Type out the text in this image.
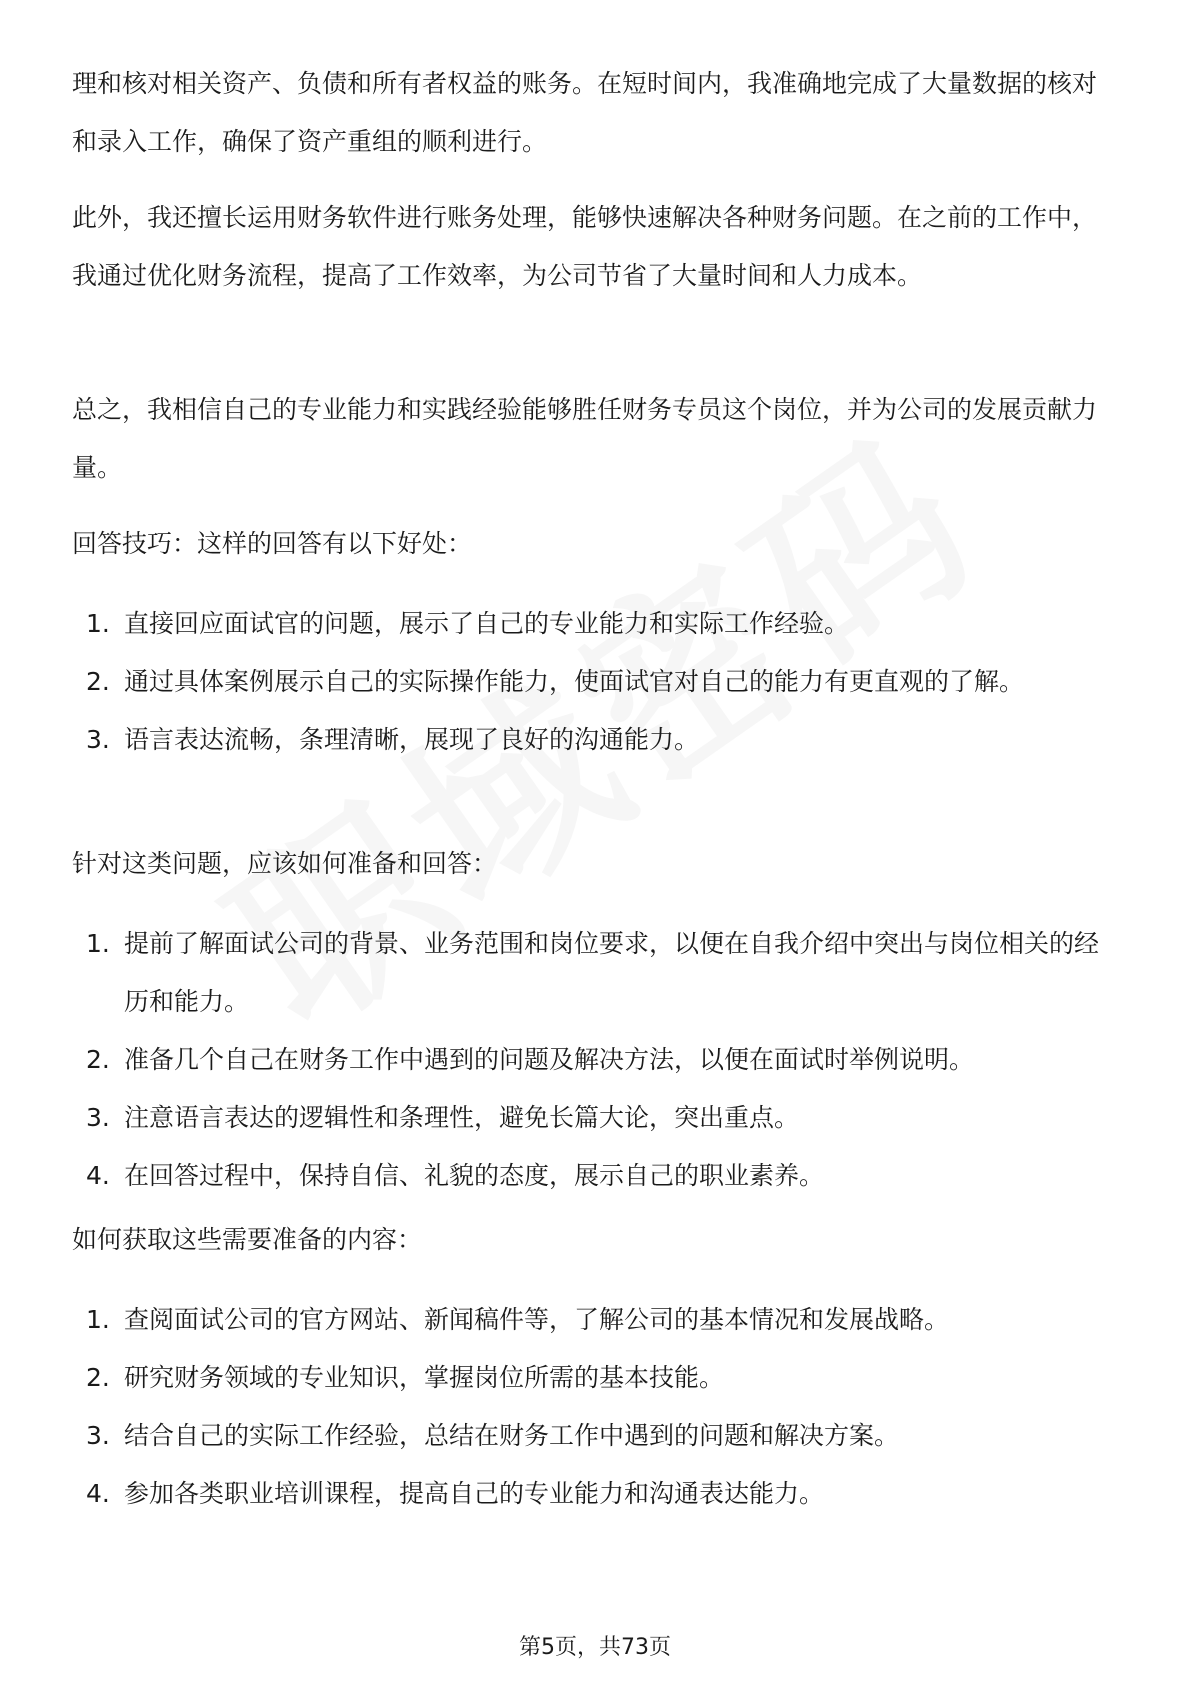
理和核对相关资产、负债和所有者权益的账务。在短时间内，我准确地完成了大量数据的核对和录入工作，确保了资产重组的顺利进行。

此外，我还擅长运用财务软件进行账务处理，能够快速解决各种财务问题。在之前的工作中，我通过优化财务流程，提高了工作效率，为公司节省了大量时间和人力成本。

总之，我相信自己的专业能力和实践经验能够胜任财务专员这个岗位，并为公司的发展贡献力量。

回答技巧：这样的回答有以下好处：

1. 直接回应面试官的问题，展示了自己的专业能力和实际工作经验。
2. 通过具体案例展示自己的实际操作能力，使面试官对自己的能力有更直观的了解。
3. 语言表达流畅，条理清晰，展现了良好的沟通能力。

针对这类问题，应该如何准备和回答：

1. 提前了解面试公司的背景、业务范围和岗位要求，以便在自我介绍中突出与岗位相关的经历和能力。
2. 准备几个自己在财务工作中遇到的问题及解决方法，以便在面试时举例说明。
3. 注意语言表达的逻辑性和条理性，避免长篇大论，突出重点。
4. 在回答过程中，保持自信、礼貌的态度，展示自己的职业素养。

如何获取这些需要准备的内容：

1. 查阅面试公司的官方网站、新闻稿件等，了解公司的基本情况和发展战略。
2. 研究财务领域的专业知识，掌握岗位所需的基本技能。
3. 结合自己的实际工作经验，总结在财务工作中遇到的问题和解决方案。
4. 参加各类职业培训课程，提高自己的专业能力和沟通表达能力。
第5页，共73页
